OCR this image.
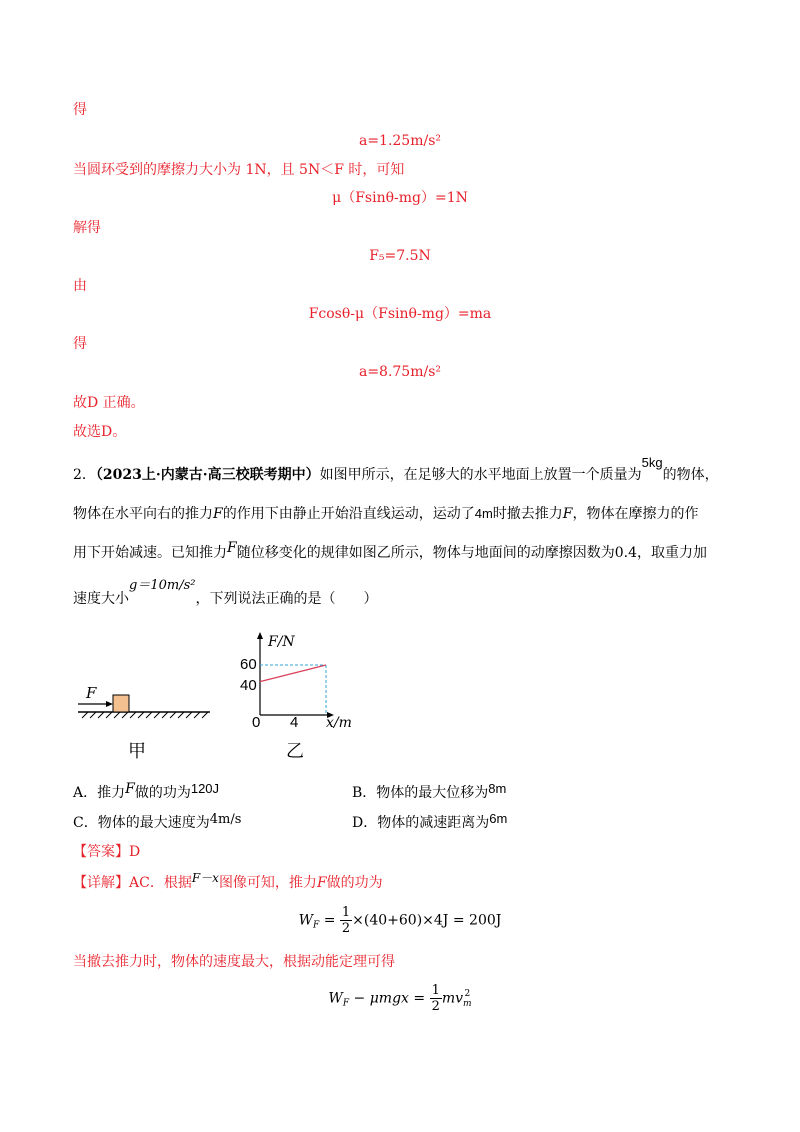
得
a=1.25m/s²
当圆环受到的摩擦力大小为 1N，且 5N＜F 时，可知
μ（Fsinθ-mg）=1N
解得
F₅=7.5N
由
Fcosθ-μ（Fsinθ-mg）=ma
得
a=8.75m/s²
故D 正确。
故选D。
2．（2023上·内蒙古·高三校联考期中）如图甲所示，在足够大的水平地面上放置一个质量为5kg的物体，
物体在水平向右的推力F的作用下由静止开始沿直线运动，运动了4m时撤去推力F，物体在摩擦力的作
用下开始减速。已知推力F随位移变化的规律如图乙所示，物体与地面间的动摩擦因数为0.4，取重力加
速度大小g＝10m/s²，下列说法正确的是（　　）
F
甲
F/N
60
40
0 4 x/m
乙
A．推力F做的功为120J	B．物体的最大位移为8m
C．物体的最大速度为4m/s	D．物体的减速距离为6m
【答案】D
【详解】AC．根据F－x图像可知，推力F做的功为
$W_F = \frac{1}{2} \times(40+60)\times 4J = 200J$
当撤去推力时，物体的速度最大，根据动能定理可得
$W_F - \mu mgx = \frac{1}{2}$ mv 2
m
